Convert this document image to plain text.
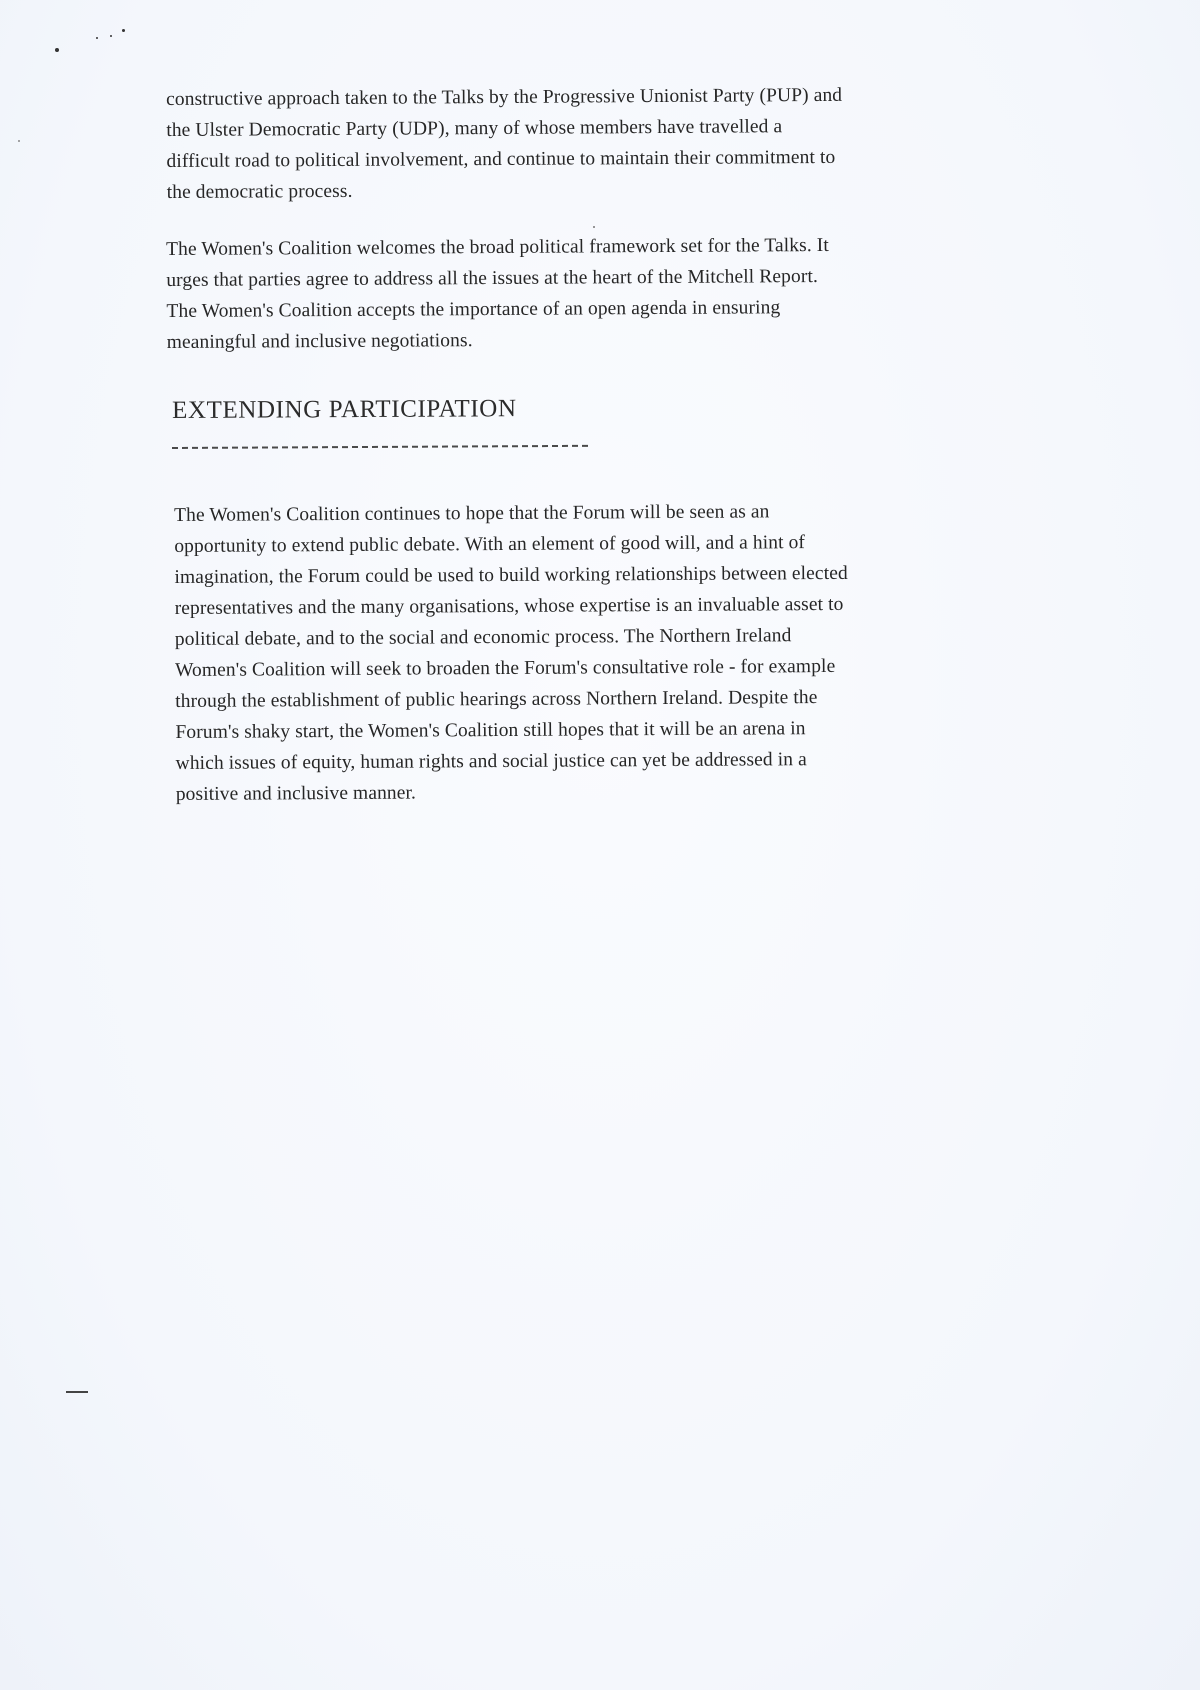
constructive approach taken to the Talks by the Progressive Unionist Party (PUP) and
the Ulster Democratic Party (UDP), many of whose members have travelled a
difficult road to political involvement, and continue to maintain their commitment to
the democratic process.

The Women's Coalition welcomes the broad political framework set for the Talks. It
urges that parties agree to address all the issues at the heart of the Mitchell Report.
The Women's Coalition accepts the importance of an open agenda in ensuring
meaningful and inclusive negotiations.

EXTENDING PARTICIPATION

The Women's Coalition continues to hope that the Forum will be seen as an
opportunity to extend public debate. With an element of good will, and a hint of
imagination, the Forum could be used to build working relationships between elected
representatives and the many organisations, whose expertise is an invaluable asset to
political debate, and to the social and economic process. The Northern Ireland
Women's Coalition will seek to broaden the Forum's consultative role - for example
through the establishment of public hearings across Northern Ireland. Despite the
Forum's shaky start, the Women's Coalition still hopes that it will be an arena in
which issues of equity, human rights and social justice can yet be addressed in a
positive and inclusive manner.
